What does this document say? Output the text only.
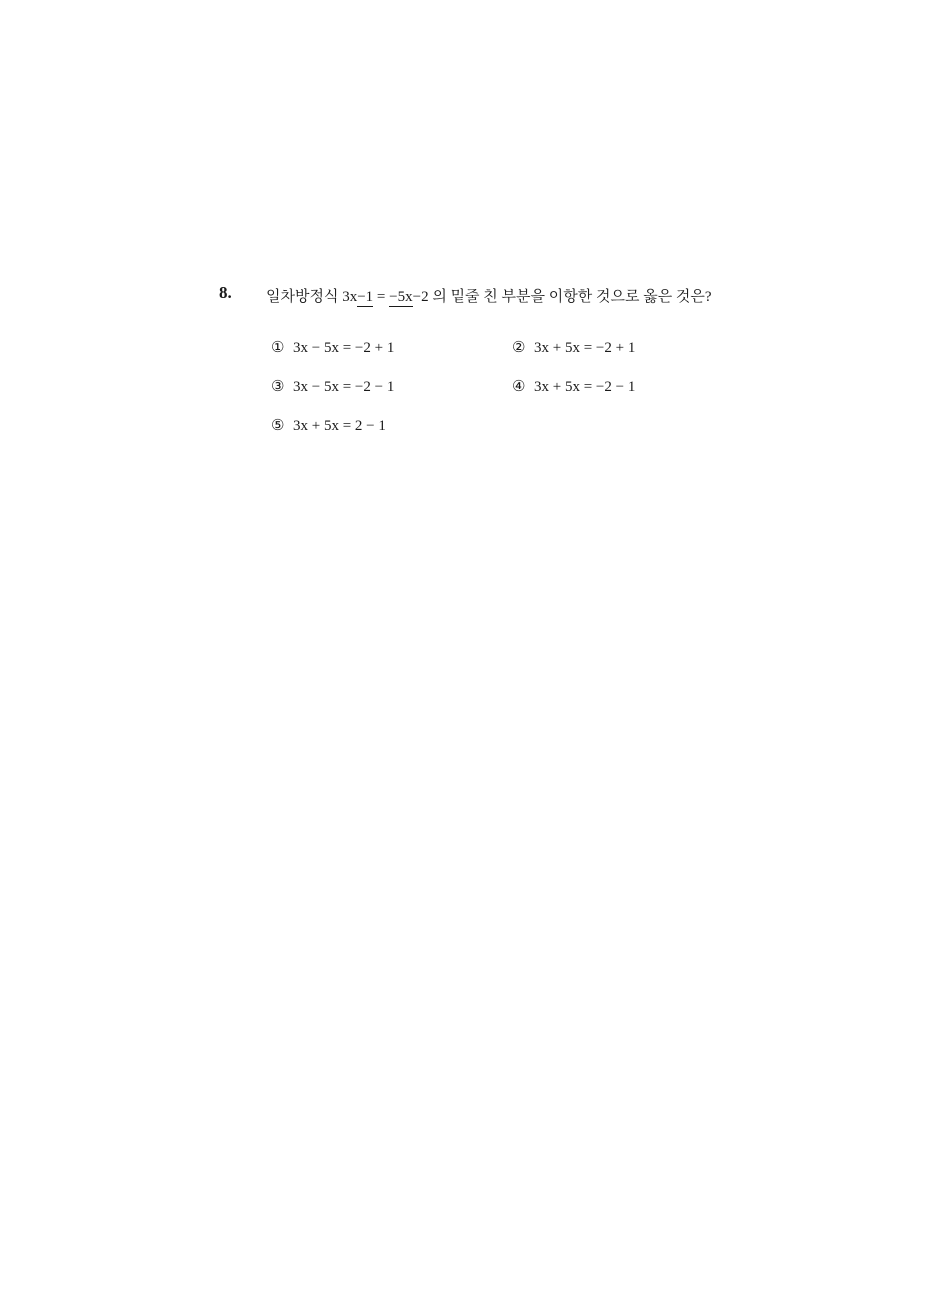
8. 일차방정식 3x−1 = −5x−2 의 밑줄 친 부분을 이항한 것으로 옳은 것은?
① 3x − 5x = −2 + 1	② 3x + 5x = −2 + 1
③ 3x − 5x = −2 − 1	④ 3x + 5x = −2 − 1
⑤ 3x + 5x = 2 − 1
